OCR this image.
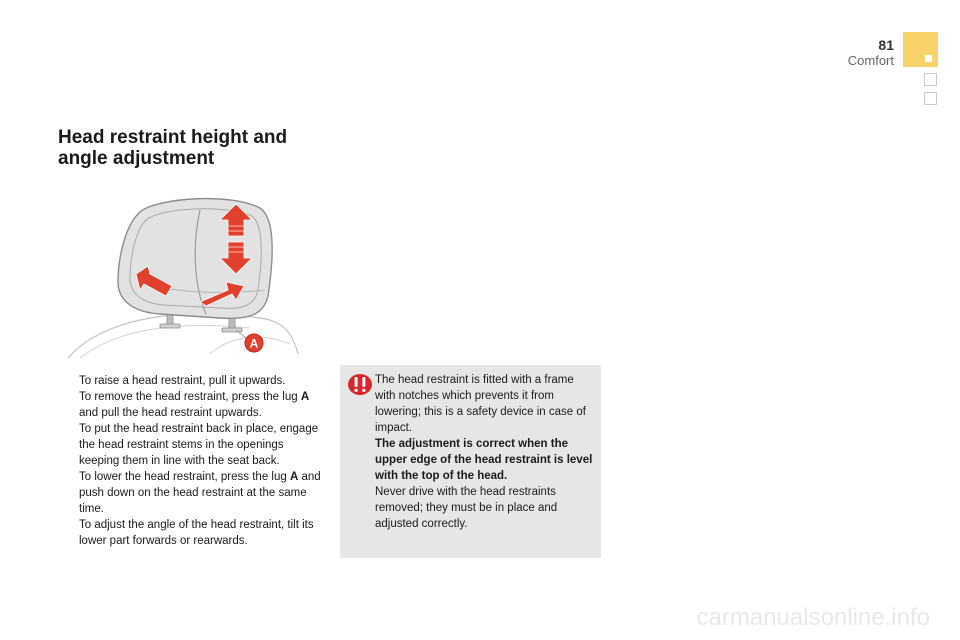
81
Comfort
Head restraint height and
angle adjustment
A
To raise a head restraint, pull it upwards.
To remove the head restraint, press the lug A and pull the head restraint upwards.
To put the head restraint back in place, engage the head restraint stems in the openings keeping them in line with the seat back.
To lower the head restraint, press the lug A and push down on the head restraint at the same time.
To adjust the angle of the head restraint, tilt its lower part forwards or rearwards.

The head restraint is fitted with a frame with notches which prevents it from lowering; this is a safety device in case of impact.

The adjustment is correct when the upper edge of the head restraint is level with the top of the head.

Never drive with the head restraints removed; they must be in place and adjusted correctly.

carmanualsonline.info
